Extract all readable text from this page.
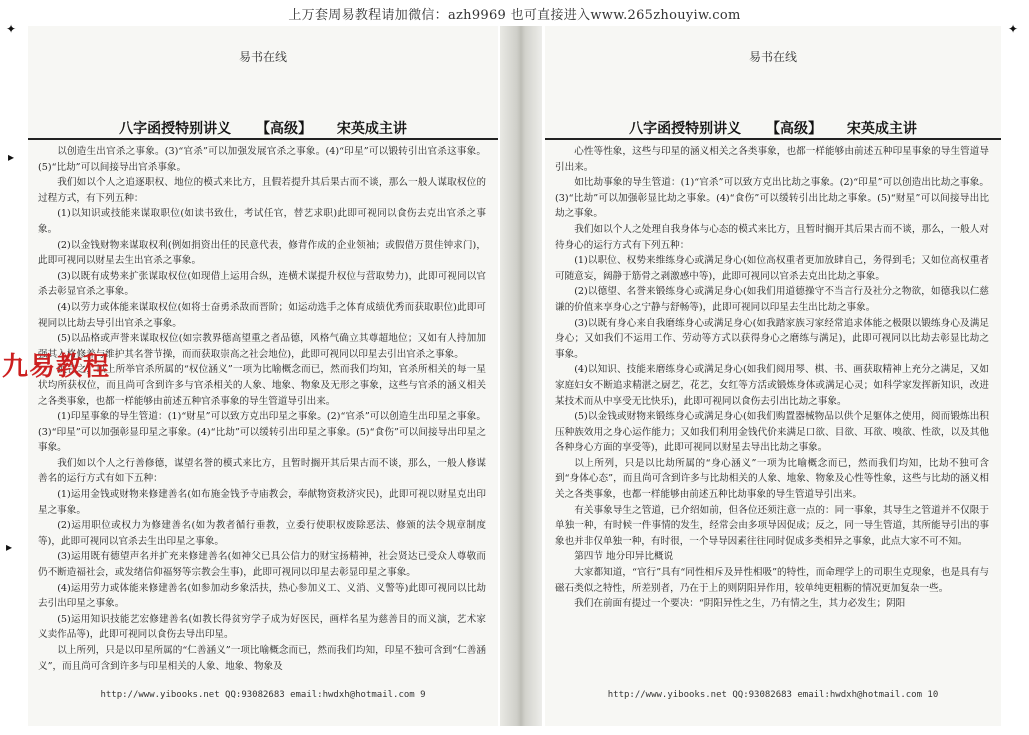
上万套周易教程请加微信：azh9969 也可直接进入www.265zhouyiw.com
易书在线
八字函授特别讲义 【高级】 宋英成主讲

以创造生出官杀之事象。(3)“官杀”可以加强发展官杀之事象。(4)“印星”可以锻转引出官杀这事象。(5)“比劫”可以间接导出官杀事象。

我们如以个人之追逐职权、地位的模式来比方，且假若提升其后果古而不谈，那么一般人谋取权位的过程方式，有下列五种：

(1)以知识或技能来谋取职位(如读书致仕，考试任官，替艺求职)此即可视同以食伤去克出官杀之事象。

(2)以金钱财物来谋取权利(例如捐资出任的民意代表，修背作成的企业领袖；或假借万贯佳钟求门)，此即可视同以财星去生出官杀之事象。

(3)以既有成势来扩张谋取权位(如现借上运用合纵，连横术谋提升权位与营取势力)，此即可视同以官杀去彰显官杀之事象。

(4)以劳力或体能来谋取权位(如将士奋勇杀敌而晋阶；如运动选手之体育成绩优秀而获取职位)此即可视同以比劫去导引出官杀之事象。

(5)以品格或声誉来谋取权位(如宗教界德高望重之者品德，风格气确立其尊超地位；又如有人持加加强其入格修养与维护其名誉节操，而而获取崇高之社会地位)，此即可视同以印星去引出官杀之事象。

换言之，以上所举官杀所属的“权位涵义”一项为比喻概念而已，然而我们均知，官杀所相关的每一星状均所获权位，而且尚可含到许多与官杀相关的人象、地象、物象及无形之事象，这些与官杀的涵义相关之各类事象，也都一样能够由前述五种官杀事象的导生管道导引出来。

(1)印星事象的导生管道：(1)“财星”可以致方克出印星之事象。(2)“官杀”可以创造生出印星之事象。(3)“印星”可以加强彰显印星之事象。(4)“比劫”可以缓转引出印星之事象。(5)“食伤”可以间接导出印星之事象。

我们如以个人之行善修德，谋望名誉的模式来比方，且暂时搁开其后果古而不谈，那么，一般人修谋善名的运行方式有如下五种：

(1)运用金钱或财物来修建善名(如布施金钱予寺庙教会，奉献物资救济灾民)，此即可视以财星克出印星之事象。

(2)运用职位或权力为修建善名(如为教者循行垂教，立委行使职权废除恶法、修颁的法令规章制度等)，此即可视同以官杀去生出印星之事象。

(3)运用既有德望声名并扩充来修建善名(如神父已具公信力的财宝扬精神，社会贤达已受众人尊敬而仍不断造福社会，或发绪信仰福努等宗教会生事)，此即可视同以印星去彰显印星之事象。

(4)运用劳力或体能来修建善名(如参加动乡象活扶，热心参加义工、义消、义警等)此即可视同以比劫去引出印星之事象。

(5)运用知识技能艺宏修建善名(如教长得贫穷学子成为好医民，画样名星为慈善目的而义演，艺术家义卖作品等)，此即可视同以食伤去导出印星。

以上所列，只是以印星所属的“仁善涵义”一项比喻概念而已，然而我们均知，印星不独可含到“仁善涵义”，而且尚可含到许多与印星相关的人象、地象、物象及

http://www.yibooks.net QQ:93082683 email:hwdxh@hotmail.com 9
易书在线
八字函授特别讲义 【高级】 宋英成主讲

心性等性象，这些与印星的涵义相关之各类事象，也都一样能够由前述五种印星事象的导生管道导引出来。

如比劫事象的导生管道：(1)“官杀”可以致方克出比劫之事象。(2)“印星”可以创造出比劫之事象。(3)“比劫”可以加强彰显比劫之事象。(4)“食伤”可以缓转引出比劫之事象。(5)“财星”可以间接导出比劫之事象。

我们如以个人之处理自我身体与心态的模式来比方，且暂时搁开其后果古而不谈，那么，一般人对待身心的运行方式有下列五种：

(1)以职位、权势来维练身心或满足身心(如位高权重者更加放肆自己，务得到毛；又如位高权重者可随意妄，阔静于筋骨之剥激感中等)，此即可视同以官杀去克出比劫之事象。

(2)以德望、名誉来锻练身心或满足身心(如我们用道德操守不当言行及社分之物欲，如德我以仁慈谦的价值来享身心之宁静与舒畅等)，此即可视同以印星去生出比劫之事象。

(3)以既有身心来自我磨练身心或满足身心(如我踏家族习家经常追求体能之极限以锻练身心及满足身心；又如我们不运用工作、劳动等方式以获得身心之磨练与满足)，此即可视同以比劫去彰显比劫之事象。

(4)以知识、技能来磨练身心或满足身心(如我们阅用琴、棋、书、画获取精神上充分之满足，又如家庭妇女不断追求精湛之厨艺，花艺，女红等方活或锻炼身体或满足心灵；如科学家发挥新知识，改进某技术而从中享受无比快乐)，此即可视同以食伤去引出比劫之事象。

(5)以金钱或财物来锻练身心或满足身心(如我们购置器械物品以供个足躯体之使用，阅而锻炼出积压种族效用之身心运作能力；又如我们利用金钱代价来满足口欲、目欲、耳欲、嗅欲、性欲，以及其他各种身心方面的享受等)，此即可视同以财星去导出比劫之事象。

以上所列，只是以比劫所属的“身心涵义”一项为比喻概念而已，然而我们均知，比劫不独可含到“身体心态”，而且尚可含到许多与比劫相关的人象、地象、物象及心性等性象，这些与比劫的涵义相关之各类事象，也都一样能够由前述五种比劫事象的导生管道导引出来。

有关事象导生之管道，已介绍如前，但各位还须注意一点的：同一事象，其导生之管道并不仅限于单独一种，有时候一件事情的发生，经常会由多项导因促成；反之，同一导生管道，其所能导引出的事象也并非仅单独一种，有时很，一个导导因素往往同时促成多类相异之事象，此点大家不可不知。

第四节 地分印异比概说

大家都知道，“官行”具有“同性相斥及异性相吸”的特性，而命理学上的司职生克现象，也是具有与磁石类似之特性，所差别者，乃在于上的则阴阳异作用，较单纯更粗粝的情况更加复杂一些。

我们在前面有提过一个要决：“阴阳异性之生，乃有情之生，其力必发生；阴阳

http://www.yibooks.net QQ:93082683 email:hwdxh@hotmail.com 10
九易教程
✦
▸
▸
✦
